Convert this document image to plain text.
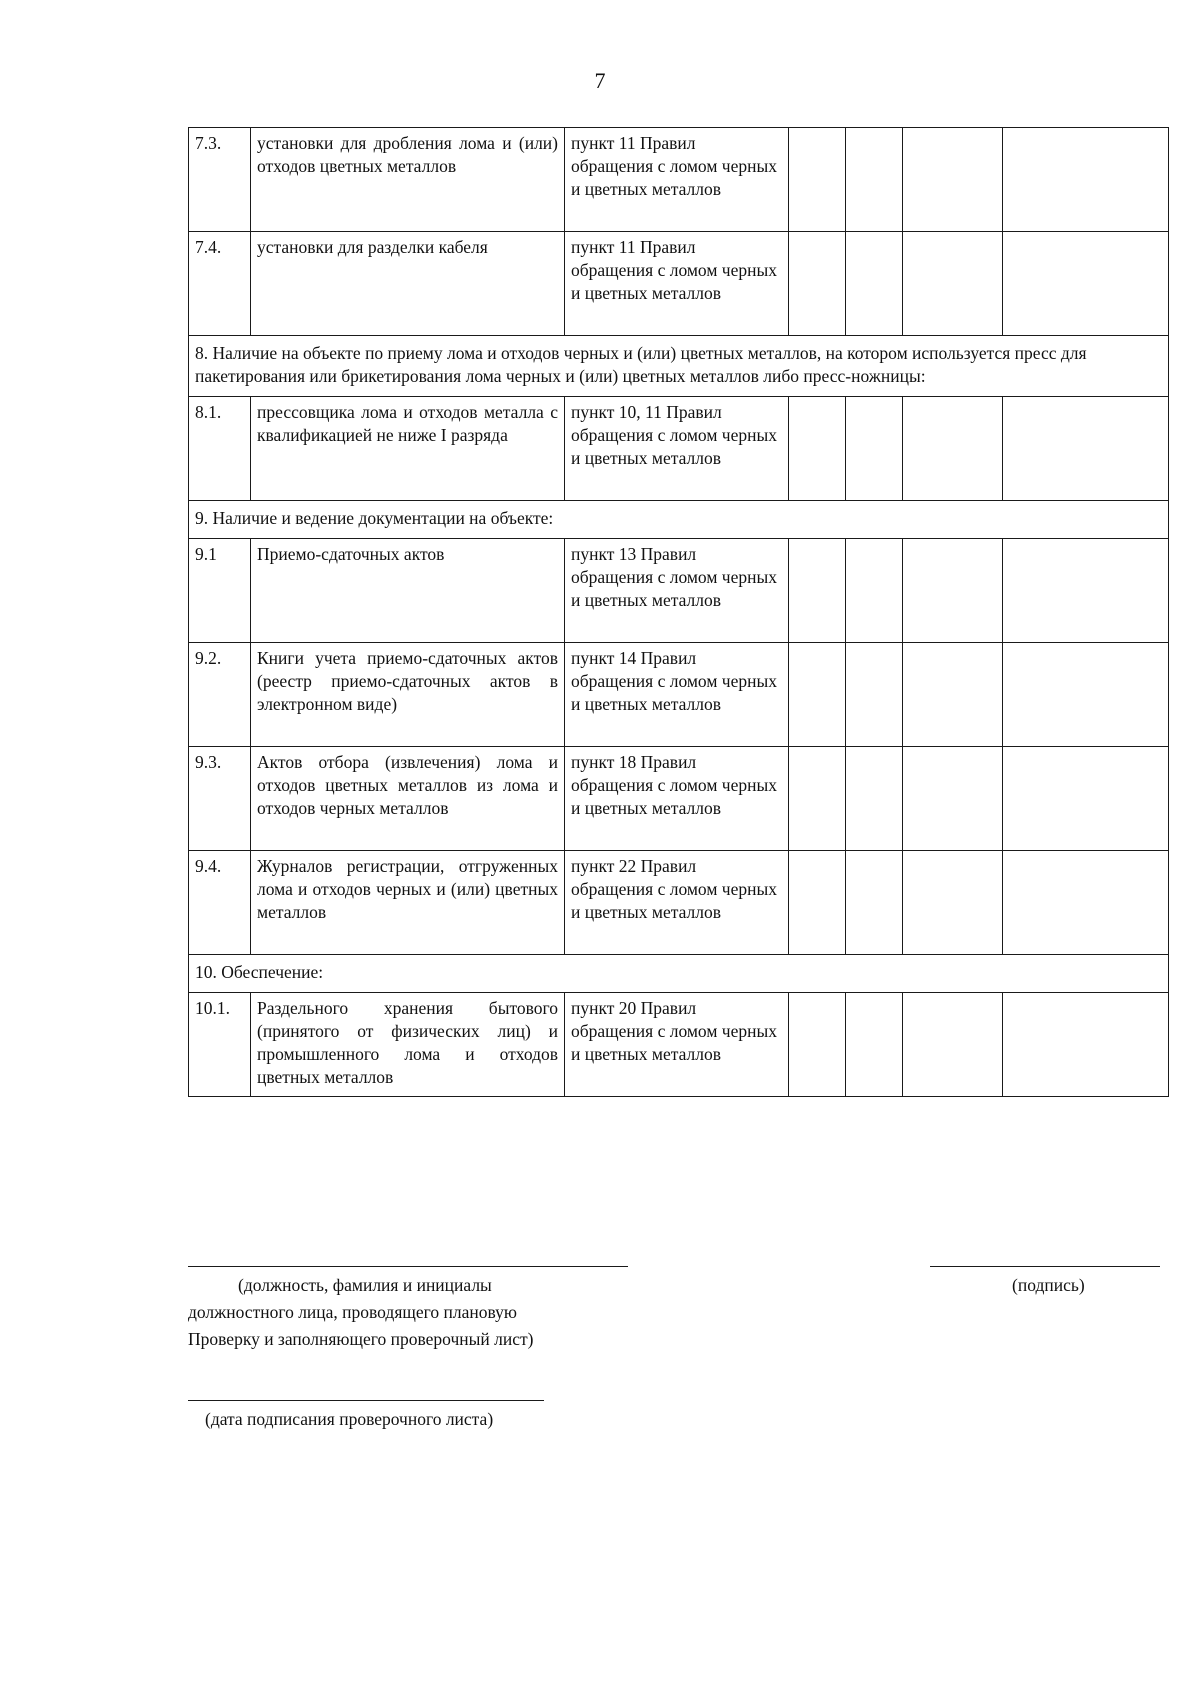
7
7.3.	установки для дробления лома и (или) отходов цветных металлов	пункт 11 Правил обращения с ломом черных и цветных металлов				
7.4.	установки для разделки кабеля	пункт 11 Правил обращения с ломом черных и цветных металлов				
8. Наличие на объекте по приему лома и отходов черных и (или) цветных металлов, на котором используется пресс для пакетирования или брикетирования лома черных и (или) цветных металлов либо пресс-ножницы:						
8.1.	прессовщика лома и отходов металла с квалификацией не ниже I разряда	пункт 10, 11 Правил обращения с ломом черных и цветных металлов				
9. Наличие и ведение документации на объекте:						
9.1	Приемо-сдаточных актов	пункт 13 Правил обращения с ломом черных и цветных металлов				
9.2.	Книги учета приемо-сдаточных актов (реестр приемо-сдаточных актов в электронном виде)	пункт 14 Правил обращения с ломом черных и цветных металлов				
9.3.	Актов отбора (извлечения) лома и отходов цветных металлов из лома и отходов черных металлов	пункт 18 Правил обращения с ломом черных и цветных металлов				
9.4.	Журналов регистрации, отгруженных лома и отходов черных и (или) цветных металлов	пункт 22 Правил обращения с ломом черных и цветных металлов				
10. Обеспечение:						
10.1.	Раздельного хранения бытового (принятого от физических лиц) и промышленного лома и отходов цветных металлов	пункт 20 Правил обращения с ломом черных и цветных металлов				
(должность, фамилия и инициалы
должностного лица, проводящего плановую
Проверку и заполняющего проверочный лист)
(подпись)
(дата подписания проверочного листа)
